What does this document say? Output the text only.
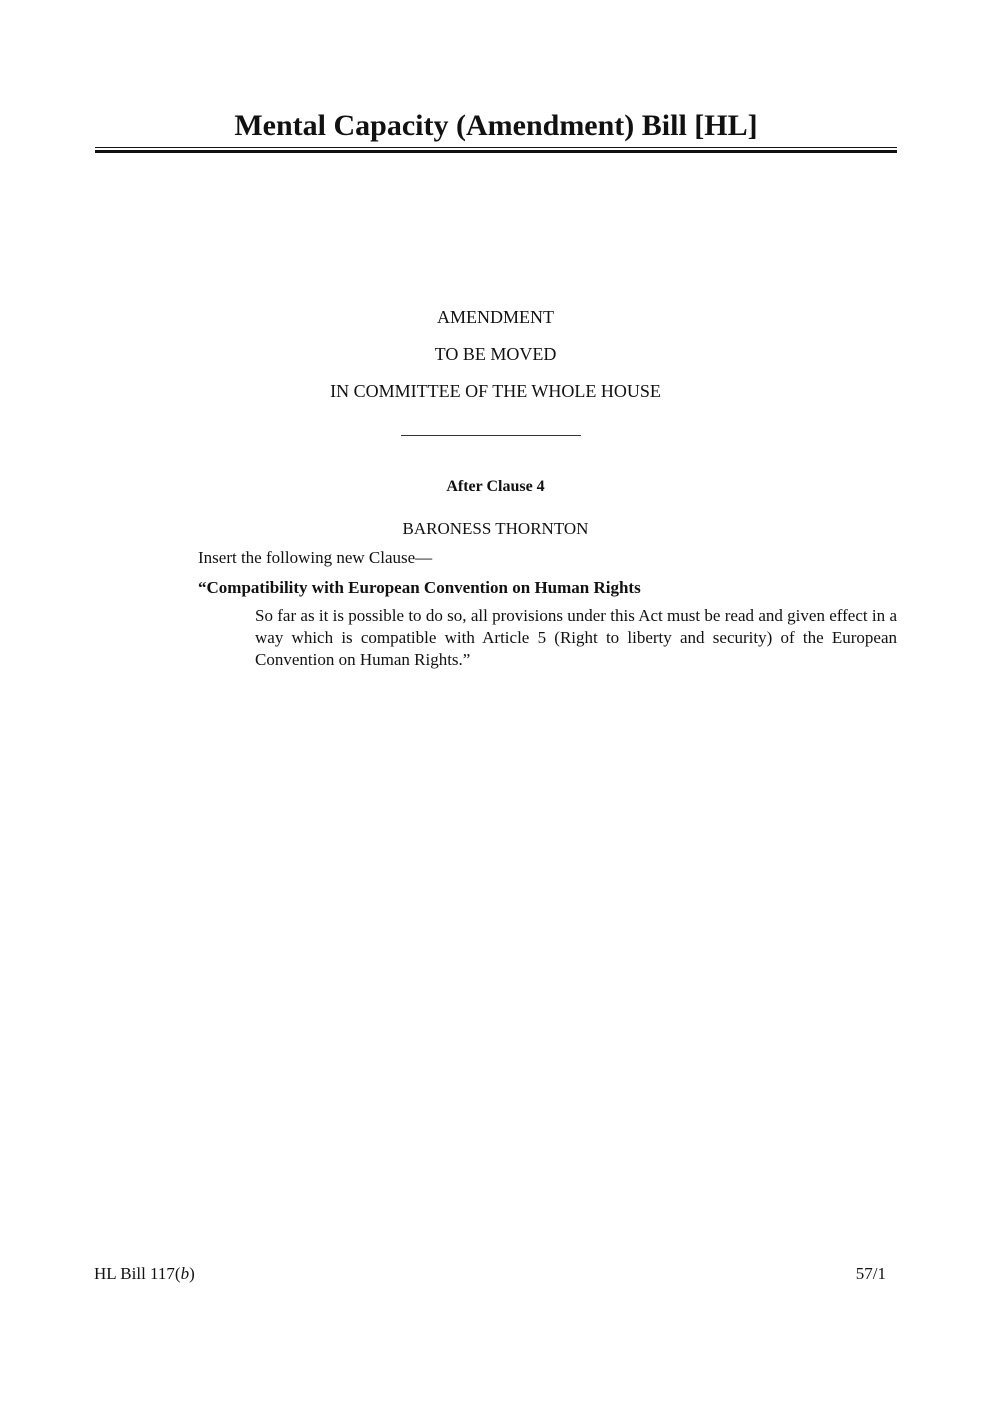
Mental Capacity (Amendment) Bill [HL]
AMENDMENT
TO BE MOVED
IN COMMITTEE OF THE WHOLE HOUSE
After Clause 4
BARONESS THORNTON
Insert the following new Clause—
“Compatibility with European Convention on Human Rights
So far as it is possible to do so, all provisions under this Act must be read and given effect in a way which is compatible with Article 5 (Right to liberty and security) of the European Convention on Human Rights.”
HL Bill 117(b)	57/1
